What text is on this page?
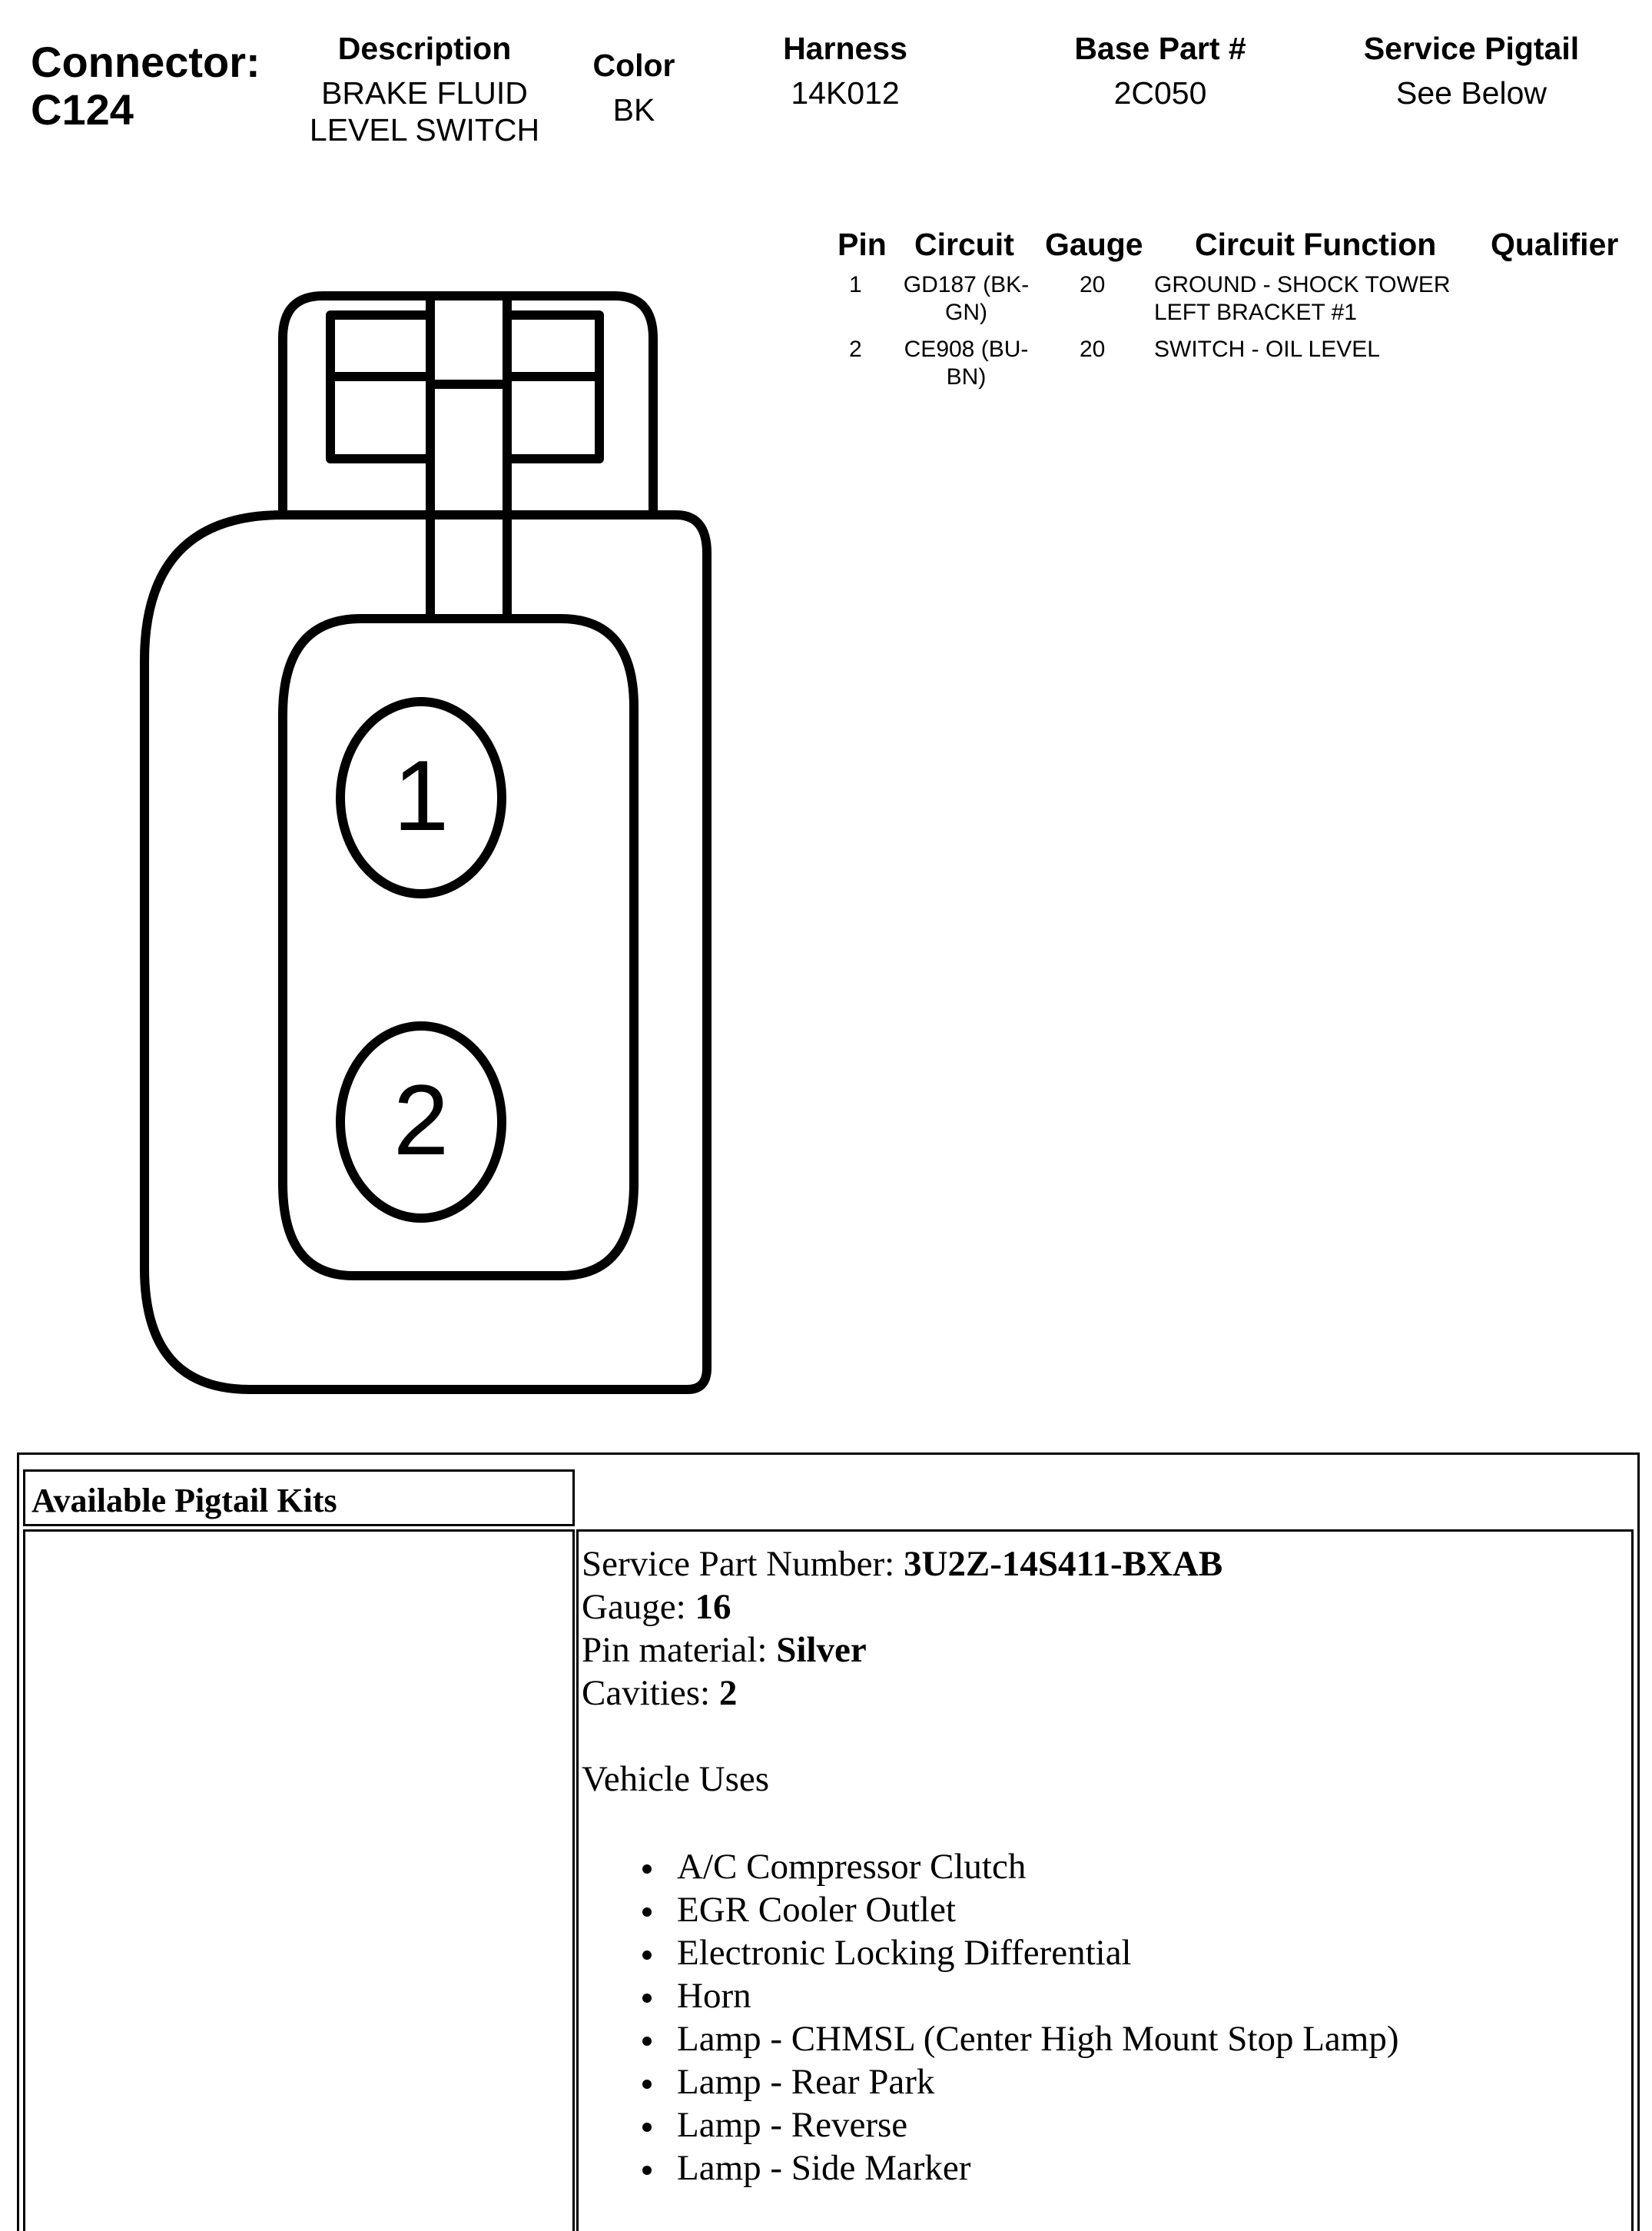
Connector:
C124
Description
BRAKE FLUID
LEVEL SWITCH
Color
BK
Harness
14K012
Base Part #
2C050
Service Pigtail
See Below
Pin Circuit Gauge Circuit Function Qualifier
1	GD187 (BK-
GN)
20 GROUND - SHOCK TOWER
LEFT BRACKET #1
2	CE908 (BU-
BN)
20 SWITCH - OIL LEVEL
1
2
Available Pigtail Kits
Service Part Number: 3U2Z-14S411-BXAB
Gauge: 16
Pin material: Silver
Cavities: 2
Vehicle Uses
A/C Compressor Clutch
EGR Cooler Outlet
Electronic Locking Differential
Horn
Lamp - CHMSL (Center High Mount Stop Lamp)
Lamp - Rear Park
Lamp - Reverse
Lamp - Side Marker
